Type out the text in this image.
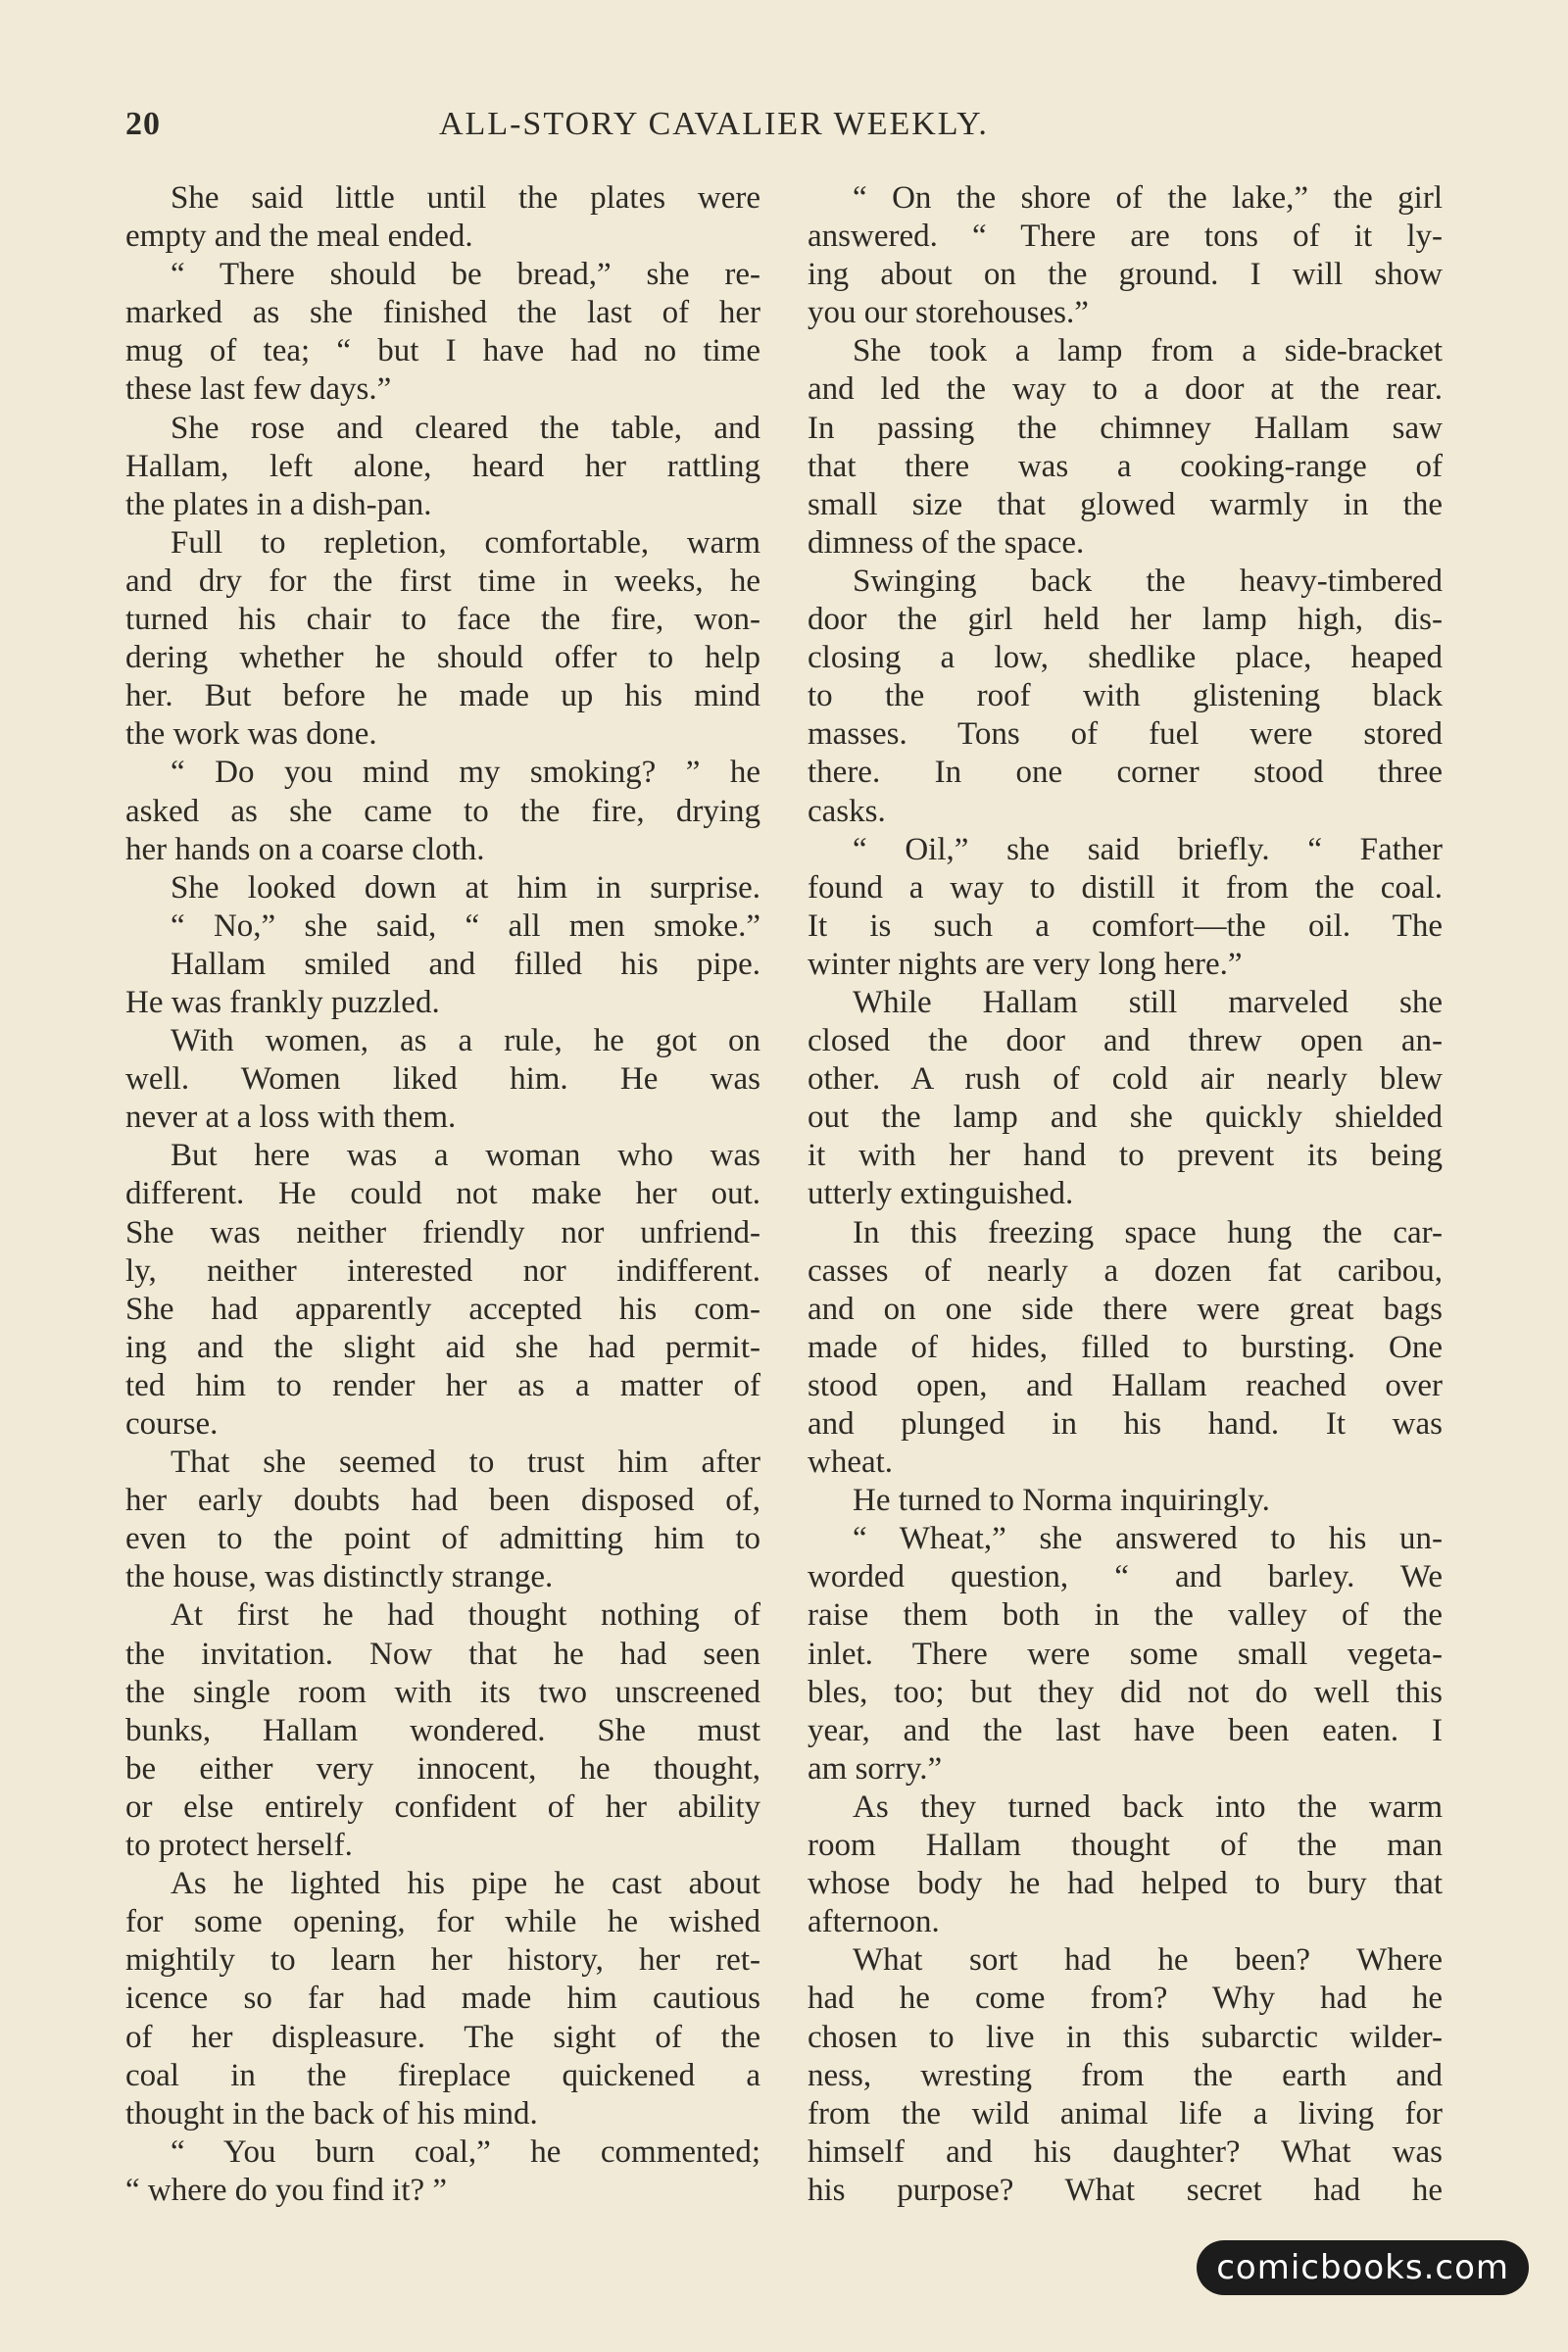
20	ALL-STORY CAVALIER WEEKLY.
She said little until the plates were
empty and the meal ended.
“ There should be bread,” she re-
marked as she finished the last of her
mug of tea; “ but I have had no time
these last few days.”
She rose and cleared the table, and
Hallam, left alone, heard her rattling
the plates in a dish-pan.
Full to repletion, comfortable, warm
and dry for the first time in weeks, he
turned his chair to face the fire, won-
dering whether he should offer to help
her. But before he made up his mind
the work was done.
“ Do you mind my smoking? ” he
asked as she came to the fire, drying
her hands on a coarse cloth.
She looked down at him in surprise.
“ No,” she said, “ all men smoke.”
Hallam smiled and filled his pipe.
He was frankly puzzled.
With women, as a rule, he got on
well. Women liked him. He was
never at a loss with them.
But here was a woman who was
different. He could not make her out.
She was neither friendly nor unfriend-
ly, neither interested nor indifferent.
She had apparently accepted his com-
ing and the slight aid she had permit-
ted him to render her as a matter of
course.
That she seemed to trust him after
her early doubts had been disposed of,
even to the point of admitting him to
the house, was distinctly strange.
At first he had thought nothing of
the invitation. Now that he had seen
the single room with its two unscreened
bunks, Hallam wondered. She must
be either very innocent, he thought,
or else entirely confident of her ability
to protect herself.
As he lighted his pipe he cast about
for some opening, for while he wished
mightily to learn her history, her ret-
icence so far had made him cautious
of her displeasure. The sight of the
coal in the fireplace quickened a
thought in the back of his mind.
“ You burn coal,” he commented;
“ where do you find it? ”
“ On the shore of the lake,” the girl
answered. “ There are tons of it ly-
ing about on the ground. I will show
you our storehouses.”
She took a lamp from a side-bracket
and led the way to a door at the rear.
In passing the chimney Hallam saw
that there was a cooking-range of
small size that glowed warmly in the
dimness of the space.
Swinging back the heavy-timbered
door the girl held her lamp high, dis-
closing a low, shedlike place, heaped
to the roof with glistening black
masses. Tons of fuel were stored
there. In one corner stood three
casks.
“ Oil,” she said briefly. “ Father
found a way to distill it from the coal.
It is such a comfort—the oil. The
winter nights are very long here.”
While Hallam still marveled she
closed the door and threw open an-
other. A rush of cold air nearly blew
out the lamp and she quickly shielded
it with her hand to prevent its being
utterly extinguished.
In this freezing space hung the car-
casses of nearly a dozen fat caribou,
and on one side there were great bags
made of hides, filled to bursting. One
stood open, and Hallam reached over
and plunged in his hand. It was
wheat.
He turned to Norma inquiringly.
“ Wheat,” she answered to his un-
worded question, “ and barley. We
raise them both in the valley of the
inlet. There were some small vegeta-
bles, too; but they did not do well this
year, and the last have been eaten. I
am sorry.”
As they turned back into the warm
room Hallam thought of the man
whose body he had helped to bury that
afternoon.
What sort had he been? Where
had he come from? Why had he
chosen to live in this subarctic wilder-
ness, wresting from the earth and
from the wild animal life a living for
himself and his daughter? What was
his purpose? What secret had he
comicbooks.com
